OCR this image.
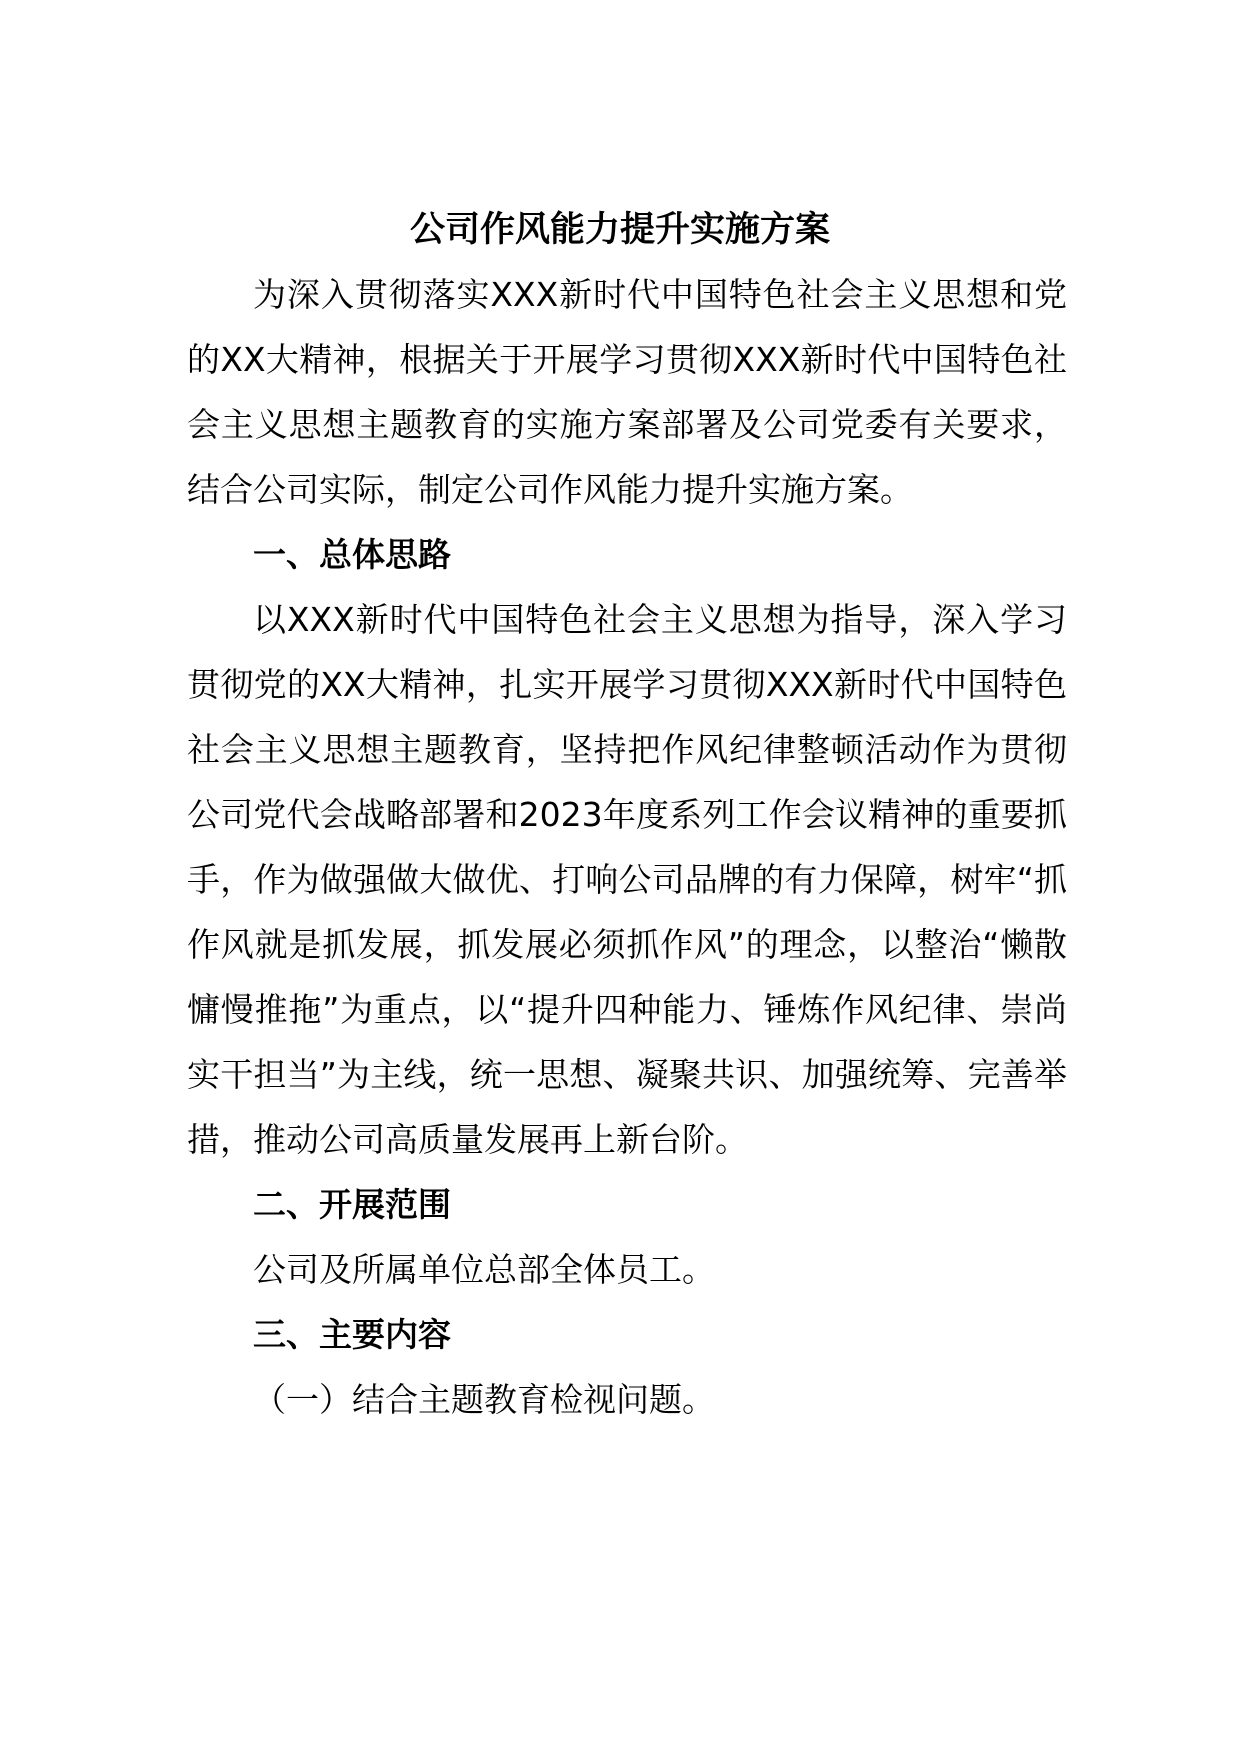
公司作风能力提升实施方案

为深入贯彻落实XXX新时代中国特色社会主义思想和党的XX大精神，根据关于开展学习贯彻XXX新时代中国特色社会主义思想主题教育的实施方案部署及公司党委有关要求，结合公司实际，制定公司作风能力提升实施方案。

一、总体思路

以XXX新时代中国特色社会主义思想为指导，深入学习贯彻党的XX大精神，扎实开展学习贯彻XXX新时代中国特色社会主义思想主题教育，坚持把作风纪律整顿活动作为贯彻公司党代会战略部署和2023年度系列工作会议精神的重要抓手，作为做强做大做优、打响公司品牌的有力保障，树牢“抓作风就是抓发展，抓发展必须抓作风”的理念，以整治“懒散慵慢推拖”为重点，以“提升四种能力、锤炼作风纪律、崇尚实干担当”为主线，统一思想、凝聚共识、加强统筹、完善举措，推动公司高质量发展再上新台阶。

二、开展范围

公司及所属单位总部全体员工。

三、主要内容

（一）结合主题教育检视问题。
